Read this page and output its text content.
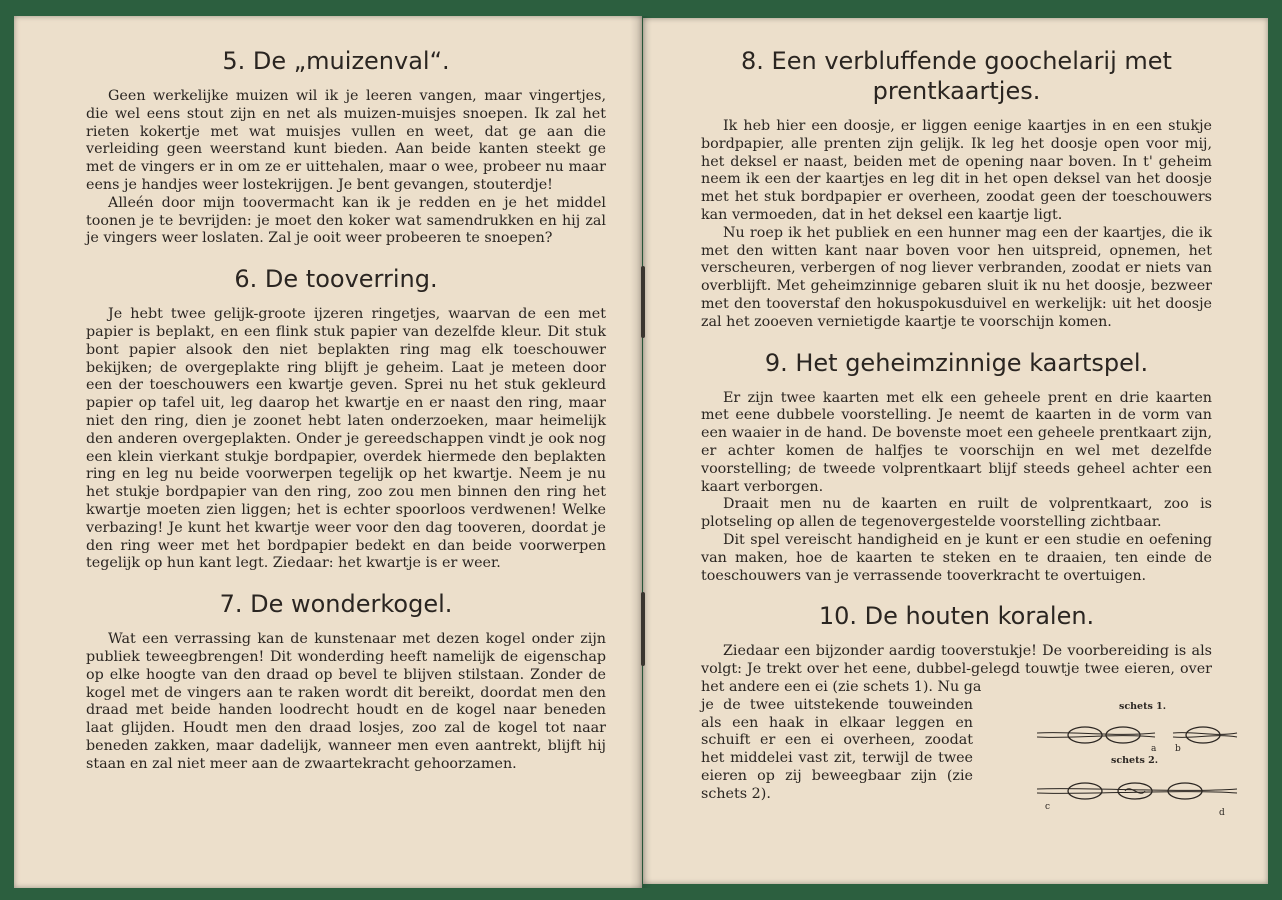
5. De „muizenval“.

Geen werkelijke muizen wil ik je leeren vangen, maar vingertjes, die wel eens stout zijn en net als muizen-muisjes snoepen. Ik zal het rieten kokertje met wat muisjes vullen en weet, dat ge aan die verleiding geen weerstand kunt bieden. Aan beide kanten steekt ge met de vingers er in om ze er uittehalen, maar o wee, probeer nu maar eens je handjes weer lostekrijgen. Je bent gevangen, stouterdje!

Alleén door mijn toovermacht kan ik je redden en je het middel toonen je te bevrijden: je moet den koker wat samendrukken en hij zal je vingers weer loslaten. Zal je ooit weer probeeren te snoepen?

6. De tooverring.

Je hebt twee gelijk-groote ijzeren ringetjes, waarvan de een met papier is beplakt, en een flink stuk papier van dezelfde kleur. Dit stuk bont papier alsook den niet beplakten ring mag elk toeschouwer bekijken; de overgeplakte ring blijft je geheim. Laat je meteen door een der toeschouwers een kwartje geven. Sprei nu het stuk gekleurd papier op tafel uit, leg daarop het kwartje en er naast den ring, maar niet den ring, dien je zoonet hebt laten onderzoeken, maar heimelijk den anderen overgeplakten. Onder je gereedschappen vindt je ook nog een klein vierkant stukje bordpapier, overdek hiermede den beplakten ring en leg nu beide voorwerpen tegelijk op het kwartje. Neem je nu het stukje bordpapier van den ring, zoo zou men binnen den ring het kwartje moeten zien liggen; het is echter spoorloos verdwenen! Welke verbazing! Je kunt het kwartje weer voor den dag tooveren, doordat je den ring weer met het bordpapier bedekt en dan beide voorwerpen tegelijk op hun kant legt. Ziedaar: het kwartje is er weer.

7. De wonderkogel.

Wat een verrassing kan de kunstenaar met dezen kogel onder zijn publiek teweegbrengen! Dit wonderding heeft namelijk de eigenschap op elke hoogte van den draad op bevel te blijven stilstaan. Zonder de kogel met de vingers aan te raken wordt dit bereikt, doordat men den draad met beide handen loodrecht houdt en de kogel naar beneden laat glijden. Houdt men den draad losjes, zoo zal de kogel tot naar beneden zakken, maar dadelijk, wanneer men even aantrekt, blijft hij staan en zal niet meer aan de zwaartekracht gehoorzamen.

8. Een verbluffende goochelarij met prentkaartjes.

Ik heb hier een doosje, er liggen eenige kaartjes in en een stukje bordpapier, alle prenten zijn gelijk. Ik leg het doosje open voor mij, het deksel er naast, beiden met de opening naar boven. In t' geheim neem ik een der kaartjes en leg dit in het open deksel van het doosje met het stuk bordpapier er overheen, zoodat geen der toeschouwers kan vermoeden, dat in het deksel een kaartje ligt.

Nu roep ik het publiek en een hunner mag een der kaartjes, die ik met den witten kant naar boven voor hen uitspreid, opnemen, het verscheuren, verbergen of nog liever verbranden, zoodat er niets van overblijft. Met geheimzinnige gebaren sluit ik nu het doosje, bezweer met den tooverstaf den hokuspokusduivel en werkelijk: uit het doosje zal het zooeven vernietigde kaartje te voorschijn komen.

9. Het geheimzinnige kaartspel.

Er zijn twee kaarten met elk een geheele prent en drie kaarten met eene dubbele voorstelling. Je neemt de kaarten in de vorm van een waaier in de hand. De bovenste moet een geheele prentkaart zijn, er achter komen de halfjes te voorschijn en wel met dezelfde voorstelling; de tweede volprentkaart blijf steeds geheel achter een kaart verborgen.

Draait men nu de kaarten en ruilt de volprentkaart, zoo is plotseling op allen de tegenovergestelde voorstelling zichtbaar.

Dit spel vereischt handigheid en je kunt er een studie en oefening van maken, hoe de kaarten te steken en te draaien, ten einde de toeschouwers van je verrassende tooverkracht te overtuigen.

10. De houten koralen.

Ziedaar een bijzonder aardig tooverstukje! De voorbereiding is als volgt: Je trekt over het eene, dubbel-gelegd touwtje twee eieren, over het andere een ei (zie schets 1). Nu ga

je de twee uitstekende touweinden als een haak in elkaar leggen en schuift er een ei overheen, zoodat het middelei vast zit, terwijl de twee eieren op zij beweegbaar zijn (zie schets 2).

schets 1.
a b
schets 2.
c
d
